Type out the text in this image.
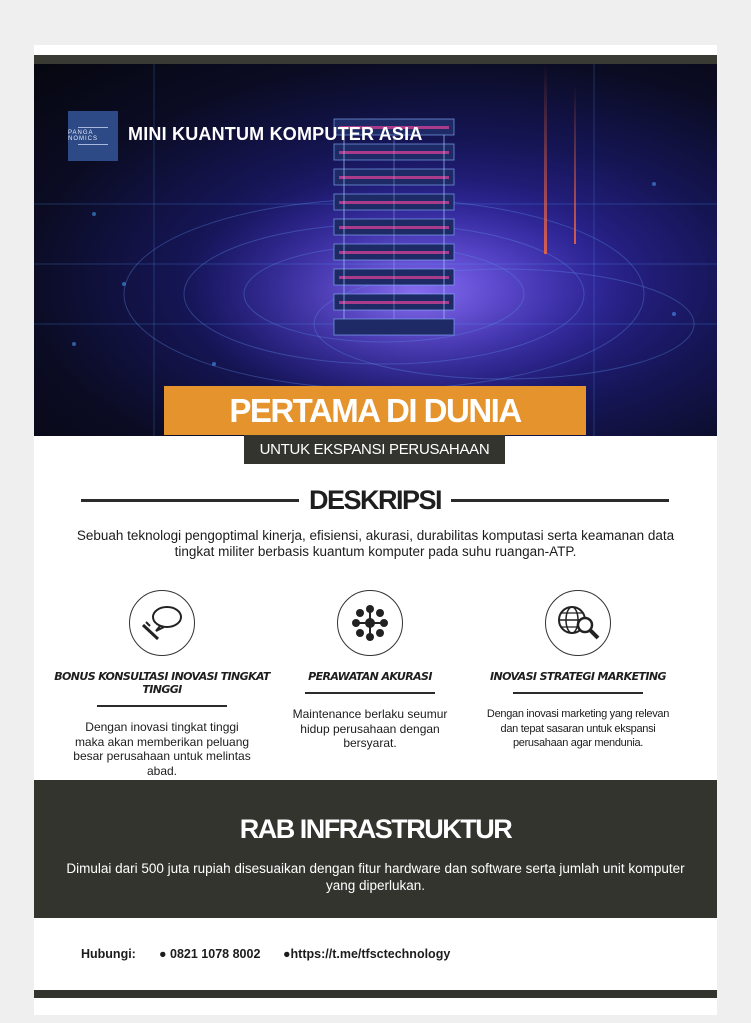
PANGA NOMICS	MINI KUANTUM KOMPUTER ASIA
PERTAMA DI DUNIA
UNTUK EKSPANSI PERUSAHAAN
DESKRIPSI
Sebuah teknologi pengoptimal kinerja, efisiensi, akurasi, durabilitas komputasi serta keamanan data tingkat militer berbasis kuantum komputer pada suhu ruangan-ATP.
BONUS KONSULTASI INOVASI TINGKAT TINGGI
Dengan inovasi tingkat tinggi maka akan memberikan peluang besar perusahaan untuk melintas abad.
PERAWATAN AKURASI
Maintenance berlaku seumur hidup perusahaan dengan bersyarat.
INOVASI STRATEGI MARKETING
Dengan inovasi marketing yang relevan dan tepat sasaran untuk ekspansi perusahaan agar mendunia.
RAB INFRASTRUKTUR
Dimulai dari 500 juta rupiah disesuaikan dengan fitur hardware dan software serta jumlah unit komputer yang diperlukan.
Hubungi: ● 0821 1078 8002 ●https://t.me/tfsctechnology
